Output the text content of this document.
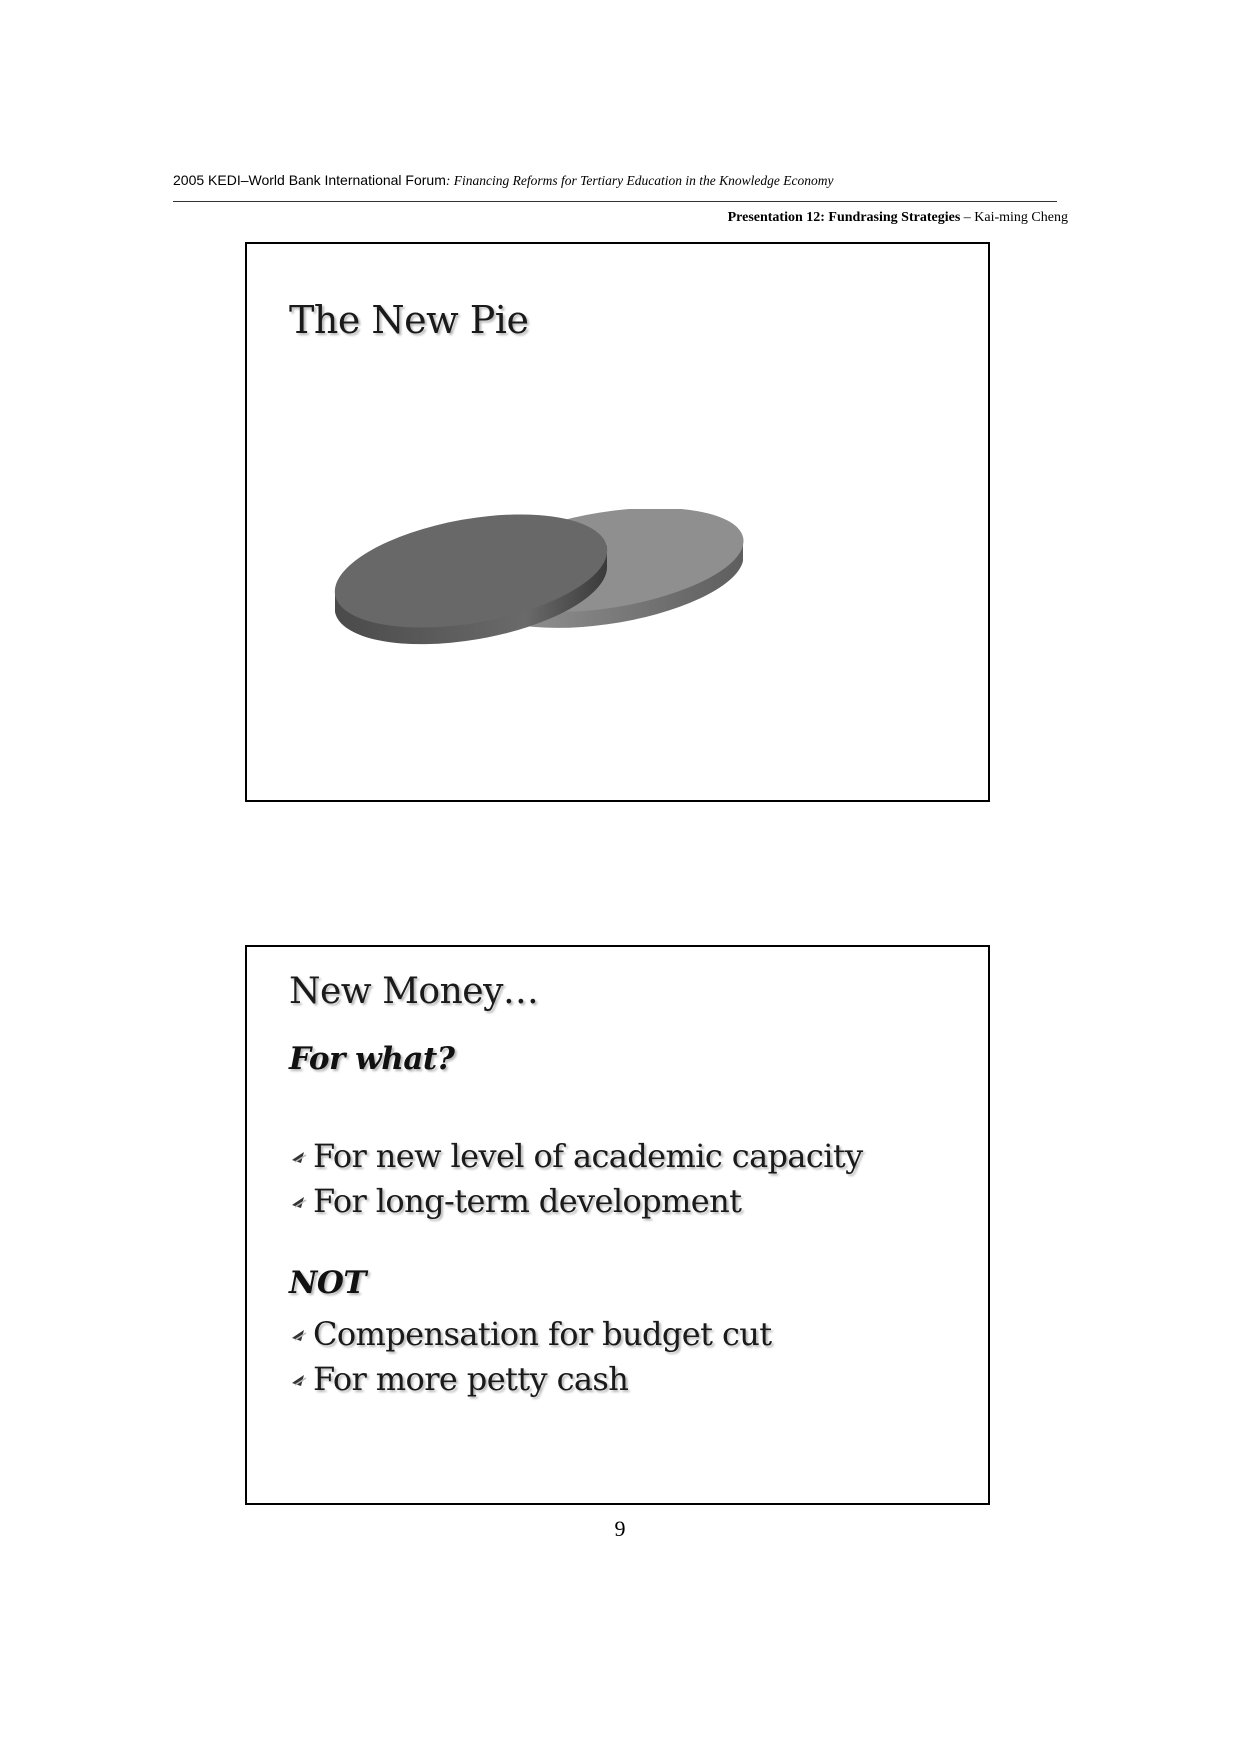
2005 KEDI–World Bank International Forum: Financing Reforms for Tertiary Education in the Knowledge Economy
Presentation 12: Fundrasing Strategies – Kai-ming Cheng
The New Pie
New Money…
For what?
For new level of academic capacity
For long-term development
NOT
Compensation for budget cut
For more petty cash
9
